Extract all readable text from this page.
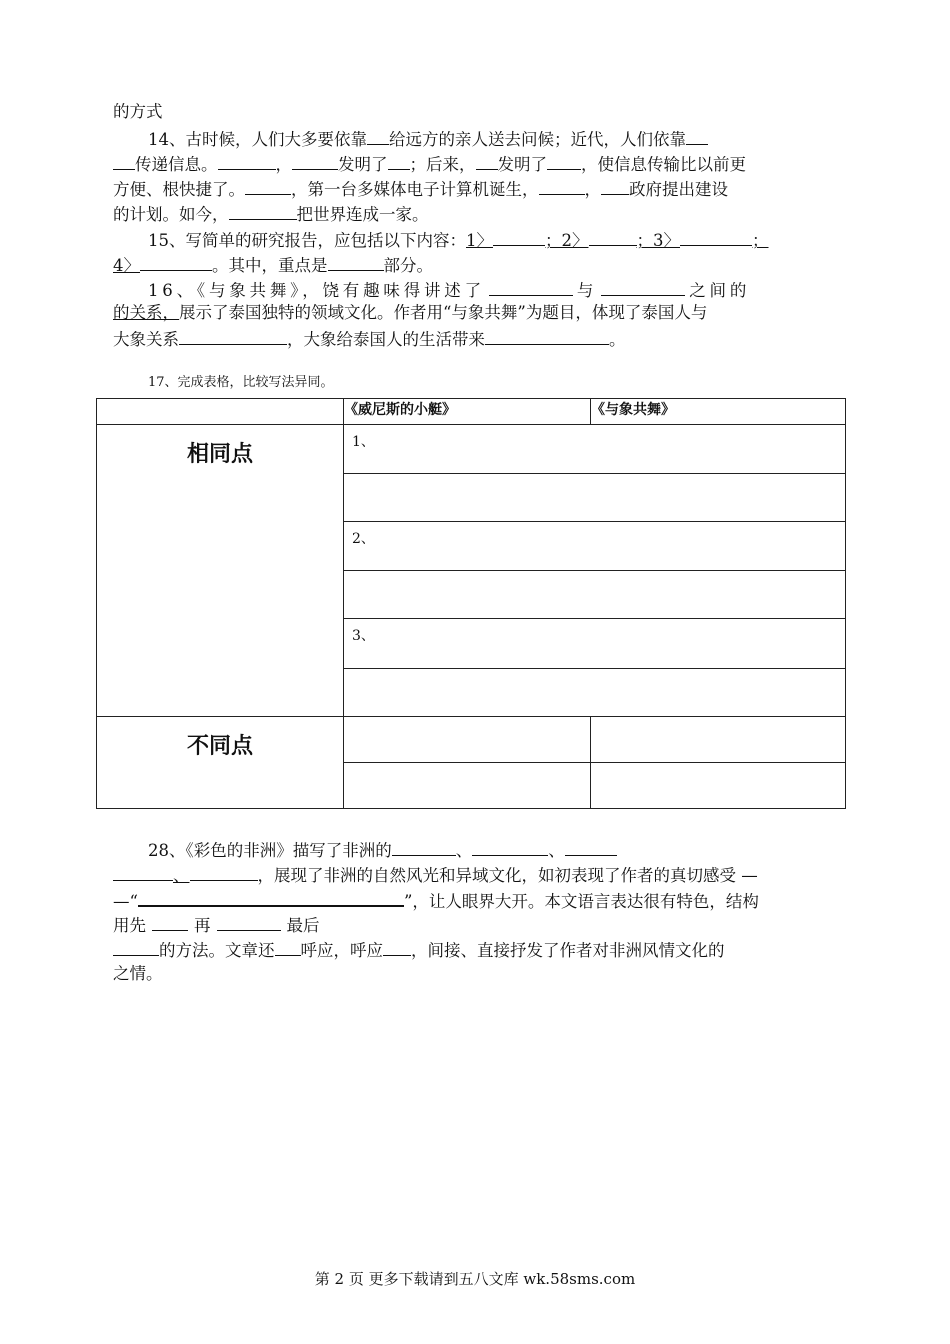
的方式
14、古时候，人们大多要依靠 给远方的亲人送去问候；近代，人们依靠
传递信息。	，	发明了 ；后来， 发明了 ，使信息传输比以前更
方便、根快捷了。	，第一台多媒体电子计算机诞生，	， 政府提出建设
的计划。如今，	把世界连成一家。
15、写简单的研究报告，应包括以下内容：1〉	；2〉	；3〉	；
4〉	。其中，重点是	部分。
16、《与象共舞》，饶有趣味得讲述了	与	之间的
的关系，展示了泰国独特的领域文化。作者用“与象共舞”为题目，体现了泰国人与
大象关系	，大象给泰国人的生活带来	。
17、完成表格，比较写法异同。
	《威尼斯的小艇》	《与象共舞》
相同点	1、	

	2、	

	3、	

不同点		

28、《彩色的非洲》描写了非洲的	、	、
、	，展现了非洲的自然风光和异域文化，如初表现了作者的真切感受 —
—“	”，让人眼界大开。本文语言表达很有特色，结构
用先	再	最后
的方法。文章还 呼应，呼应 ，间接、直接抒发了作者对非洲风情文化的
之情。
第 2 页 更多下载请到五八文库 wk.58sms.com
